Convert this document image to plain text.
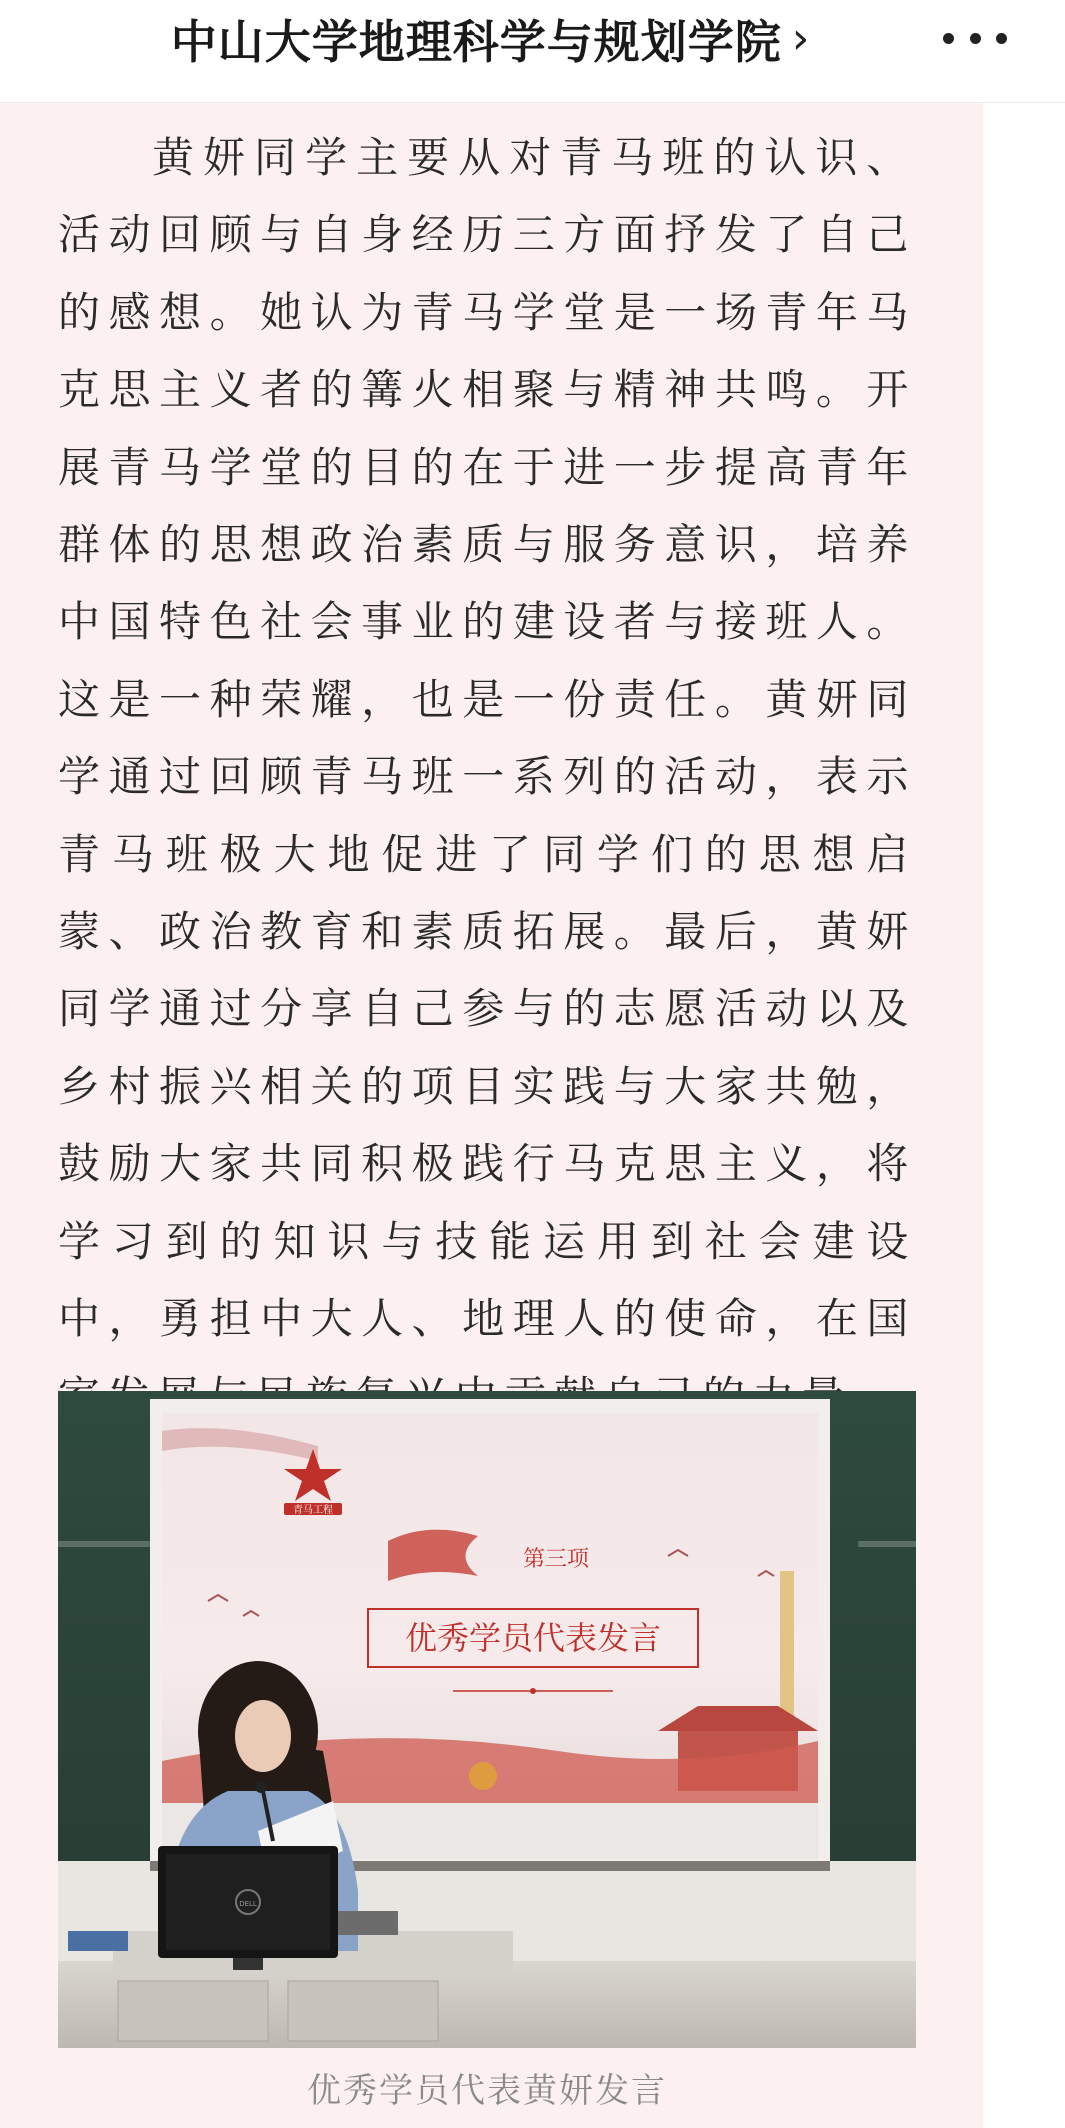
中山大学地理科学与规划学院 ›

黄妍同学主要从对青马班的认识、活动回顾与自身经历三方面抒发了自己的感想。她认为青马学堂是一场青年马克思主义者的篝火相聚与精神共鸣。开展青马学堂的目的在于进一步提高青年群体的思想政治素质与服务意识，培养中国特色社会事业的建设者与接班人。这是一种荣耀，也是一份责任。黄妍同学通过回顾青马班一系列的活动，表示青马班极大地促进了同学们的思想启蒙、政治教育和素质拓展。最后，黄妍同学通过分享自己参与的志愿活动以及乡村振兴相关的项目实践与大家共勉，鼓励大家共同积极践行马克思主义，将学习到的知识与技能运用到社会建设中，勇担中大人、地理人的使命，在国

青马工程
第三项
优秀学员代表发言
DELL
优秀学员代表黄妍发言
